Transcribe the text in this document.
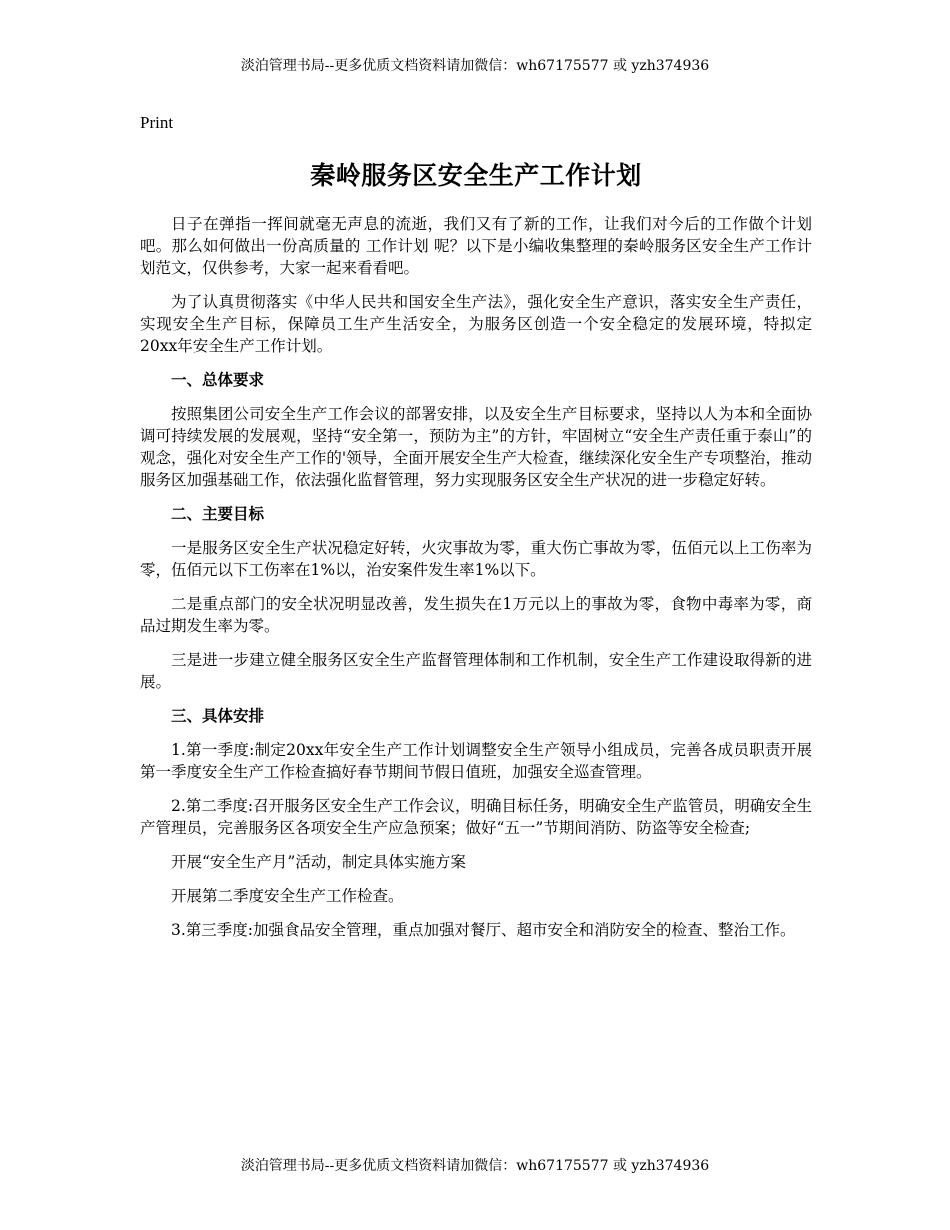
淡泊管理书局--更多优质文档资料请加微信：wh67175577 或 yzh374936
Print
秦岭服务区安全生产工作计划

日子在弹指一挥间就毫无声息的流逝，我们又有了新的工作，让我们对今后的工作做个计划吧。那么如何做出一份高质量的 工作计划 呢？以下是小编收集整理的秦岭服务区安全生产工作计划范文，仅供参考，大家一起来看看吧。

为了认真贯彻落实《中华人民共和国安全生产法》，强化安全生产意识，落实安全生产责任，实现安全生产目标，保障员工生产生活安全，为服务区创造一个安全稳定的发展环境，特拟定20xx年安全生产工作计划。

一、总体要求

按照集团公司安全生产工作会议的部署安排，以及安全生产目标要求，坚持以人为本和全面协调可持续发展的发展观，坚持“安全第一，预防为主”的方针，牢固树立“安全生产责任重于泰山”的观念，强化对安全生产工作的'领导，全面开展安全生产大检查，继续深化安全生产专项整治，推动服务区加强基础工作，依法强化监督管理，努力实现服务区安全生产状况的进一步稳定好转。

二、主要目标

一是服务区安全生产状况稳定好转，火灾事故为零，重大伤亡事故为零，伍佰元以上工伤率为零，伍佰元以下工伤率在1%以，治安案件发生率1%以下。

二是重点部门的安全状况明显改善，发生损失在1万元以上的事故为零，食物中毒率为零，商品过期发生率为零。

三是进一步建立健全服务区安全生产监督管理体制和工作机制，安全生产工作建设取得新的进展。

三、具体安排

1.第一季度:制定20xx年安全生产工作计划调整安全生产领导小组成员，完善各成员职责开展第一季度安全生产工作检查搞好春节期间节假日值班，加强安全巡查管理。

2.第二季度:召开服务区安全生产工作会议，明确目标任务，明确安全生产监管员，明确安全生产管理员，完善服务区各项安全生产应急预案；做好“五一”节期间消防、防盗等安全检查;

开展“安全生产月”活动，制定具体实施方案

开展第二季度安全生产工作检查。

3.第三季度:加强食品安全管理，重点加强对餐厅、超市安全和消防安全的检查、整治工作。

淡泊管理书局--更多优质文档资料请加微信：wh67175577 或 yzh374936
